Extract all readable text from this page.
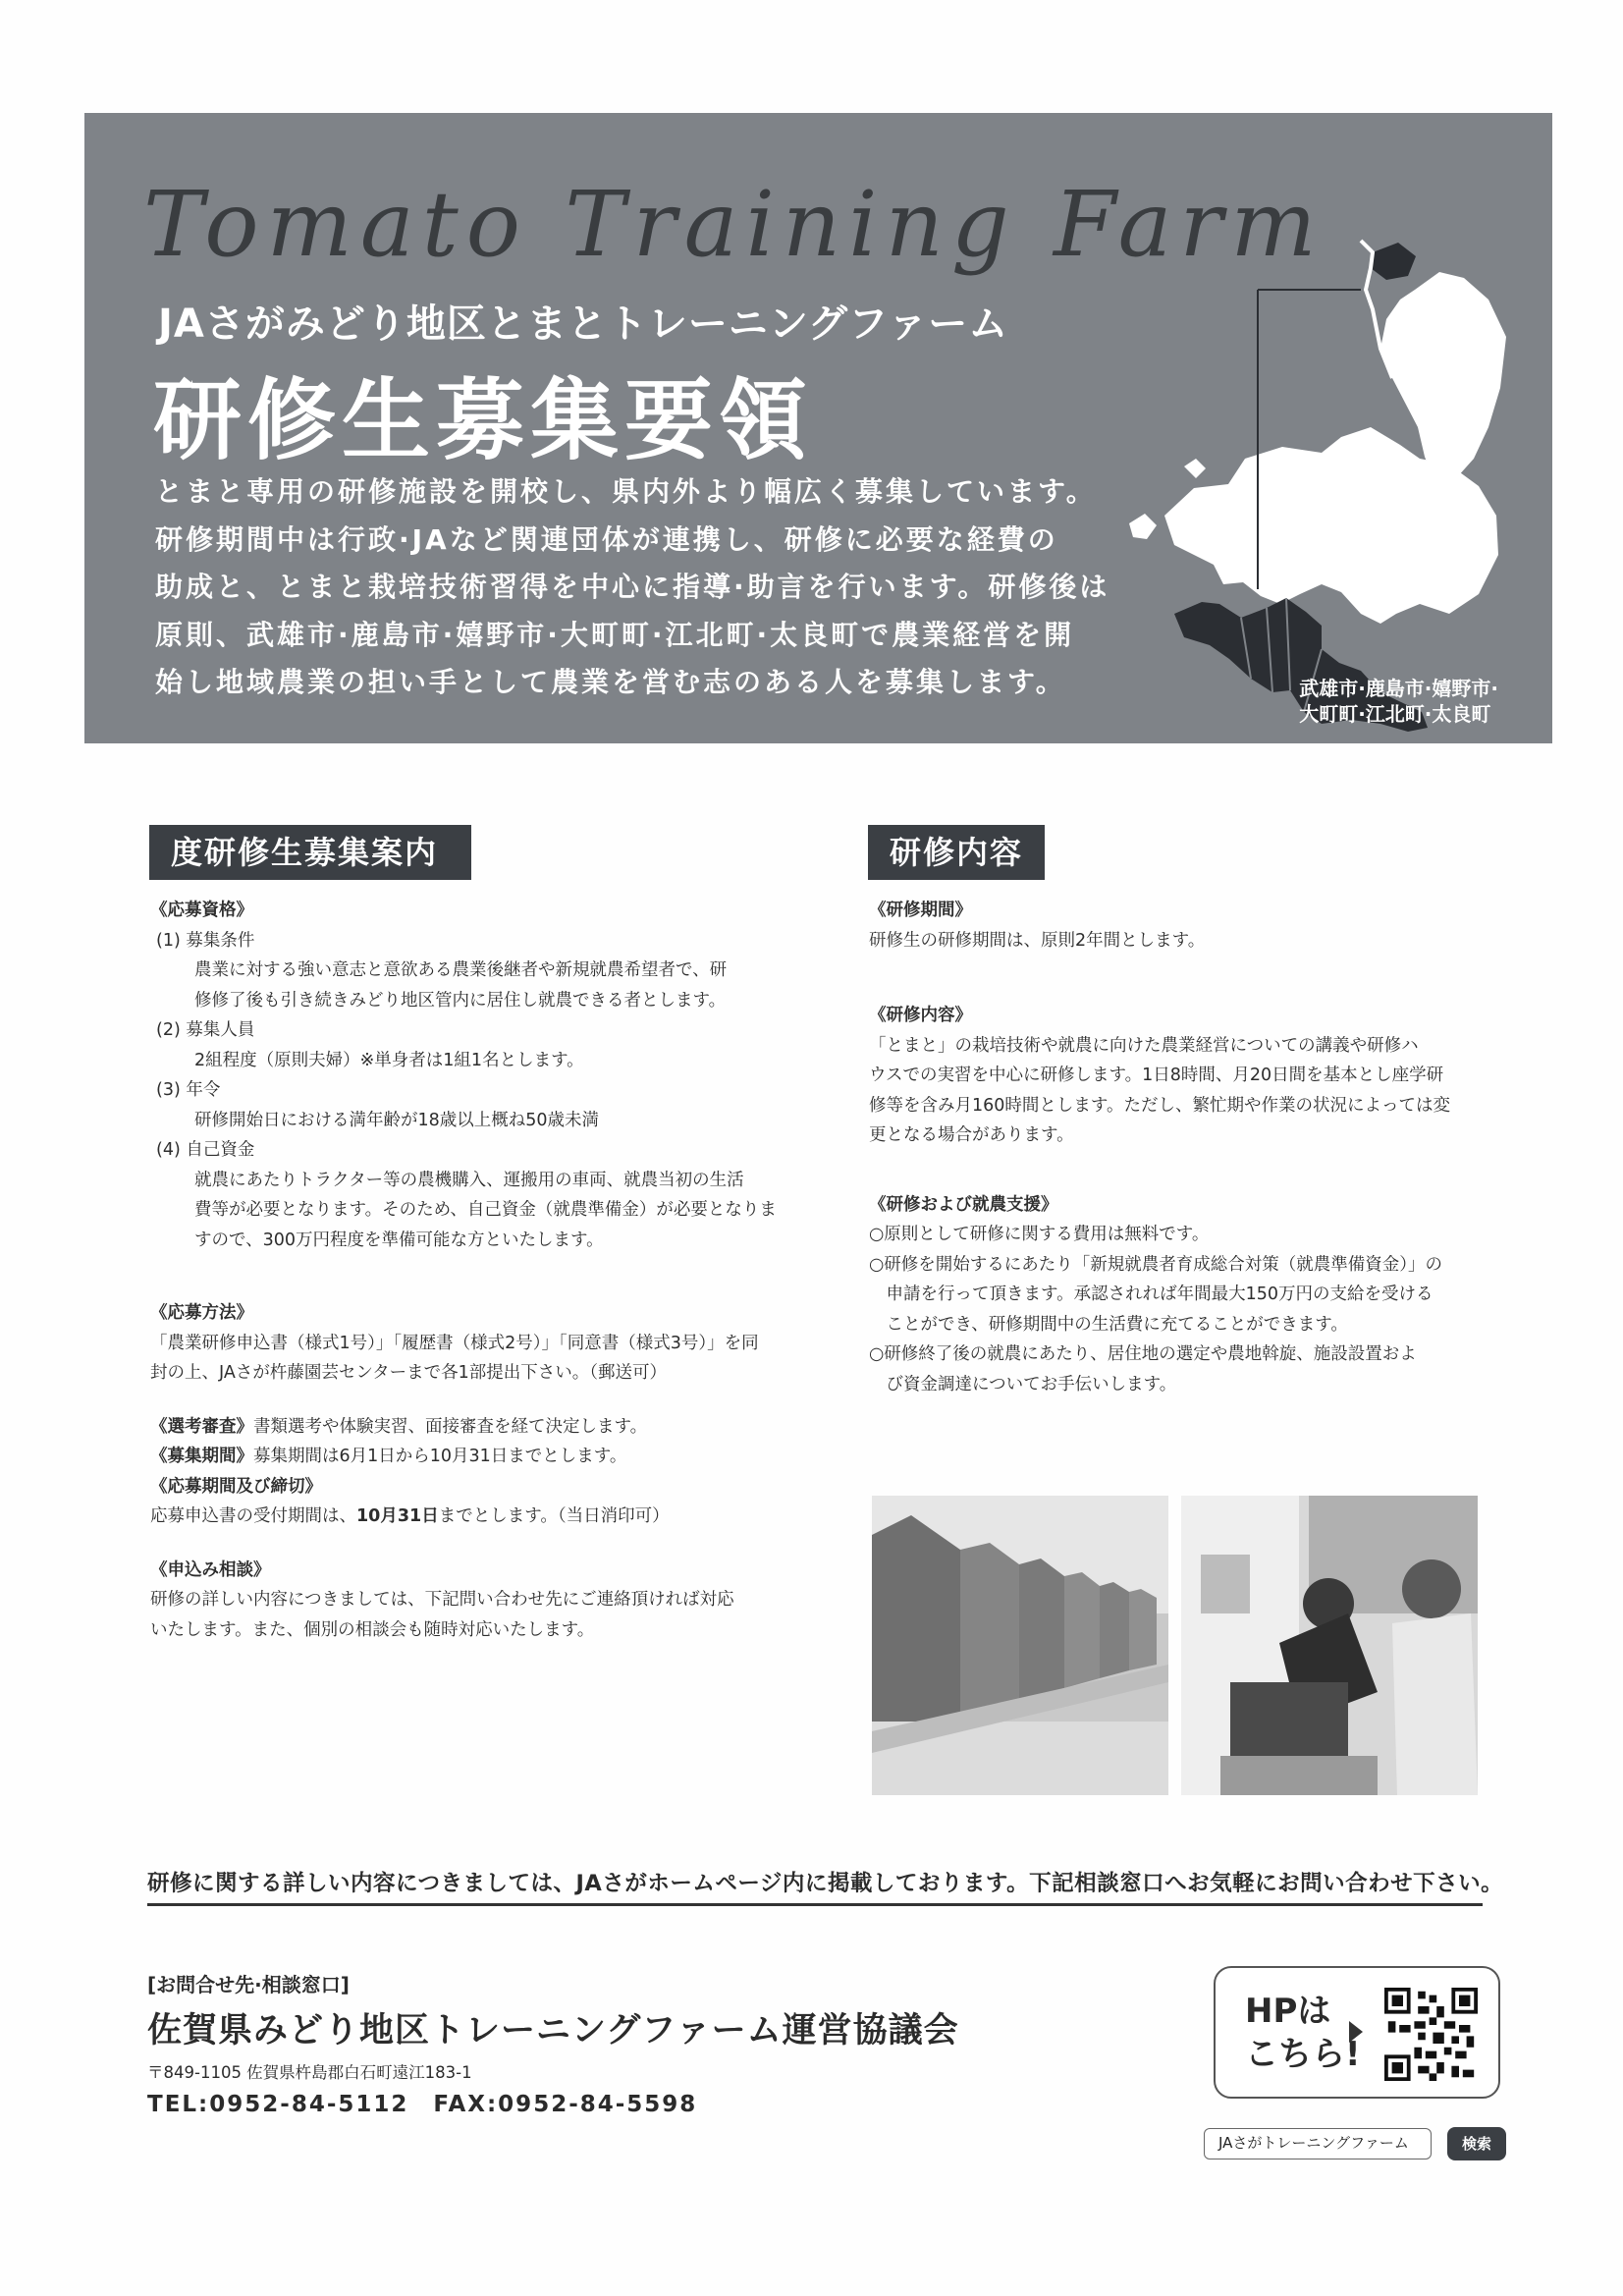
Tomato Training Farm
JAさがみどり地区とまとトレーニングファーム
研修生募集要領

とまと専用の研修施設を開校し、県内外より幅広く募集しています。

研修期間中は行政·JAなど関連団体が連携し、研修に必要な経費の

助成と、とまと栽培技術習得を中心に指導·助言を行います。研修後は

原則、武雄市·鹿島市·嬉野市·大町町·江北町·太良町で農業経営を開

始し地域農業の担い手として農業を営む志のある人を募集します。	武雄市·鹿島市·嬉野市·

大町町·江北町·太良町

度研修生募集案内

《応募資格》

(1) 募集条件

農業に対する強い意志と意欲ある農業後継者や新規就農希望者で、研

修修了後も引き続きみどり地区管内に居住し就農できる者とします。

(2) 募集人員

2組程度（原則夫婦）※単身者は1組1名とします。

(3) 年令

研修開始日における満年齢が18歳以上概ね50歳未満

(4) 自己資金

就農にあたりトラクター等の農機購入、運搬用の車両、就農当初の生活

費等が必要となります。そのため、自己資金（就農準備金）が必要となりま

すので、300万円程度を準備可能な方といたします。

《応募方法》

「農業研修申込書（様式1号）」「履歴書（様式2号）」「同意書（様式3号）」を同

封の上、JAさが杵藤園芸センターまで各1部提出下さい。（郵送可）

《選考審査》書類選考や体験実習、面接審査を経て決定します。

《募集期間》募集期間は6月1日から10月31日までとします。

《応募期間及び締切》

応募申込書の受付期間は、10月31日までとします。（当日消印可）

《申込み相談》

研修の詳しい内容につきましては、下記問い合わせ先にご連絡頂ければ対応

いたします。また、個別の相談会も随時対応いたします。

研修内容

《研修期間》

研修生の研修期間は、原則2年間とします。

《研修内容》

「とまと」の栽培技術や就農に向けた農業経営についての講義や研修ハ

ウスでの実習を中心に研修します。1日8時間、月20日間を基本とし座学研

修等を含み月160時間とします。ただし、繁忙期や作業の状況によっては変

更となる場合があります。

《研修および就農支援》

○原則として研修に関する費用は無料です。

○研修を開始するにあたり「新規就農者育成総合対策（就農準備資金）」の

　申請を行って頂きます。承認されれば年間最大150万円の支給を受ける

　ことができ、研修期間中の生活費に充てることができます。

○研修終了後の就農にあたり、居住地の選定や農地斡旋、施設設置およ

　び資金調達についてお手伝いします。

研修に関する詳しい内容につきましては、JAさがホームページ内に掲載しております。下記相談窓口へお気軽にお問い合わせ下さい。
[お問合せ先·相談窓口]
佐賀県みどり地区トレーニングファーム運営協議会
〒849-1105 佐賀県杵島郡白石町遠江183-1
TEL:0952-84-5112　FAX:0952-84-5598
HPは
こちら!
JAさがトレーニングファーム	検索
